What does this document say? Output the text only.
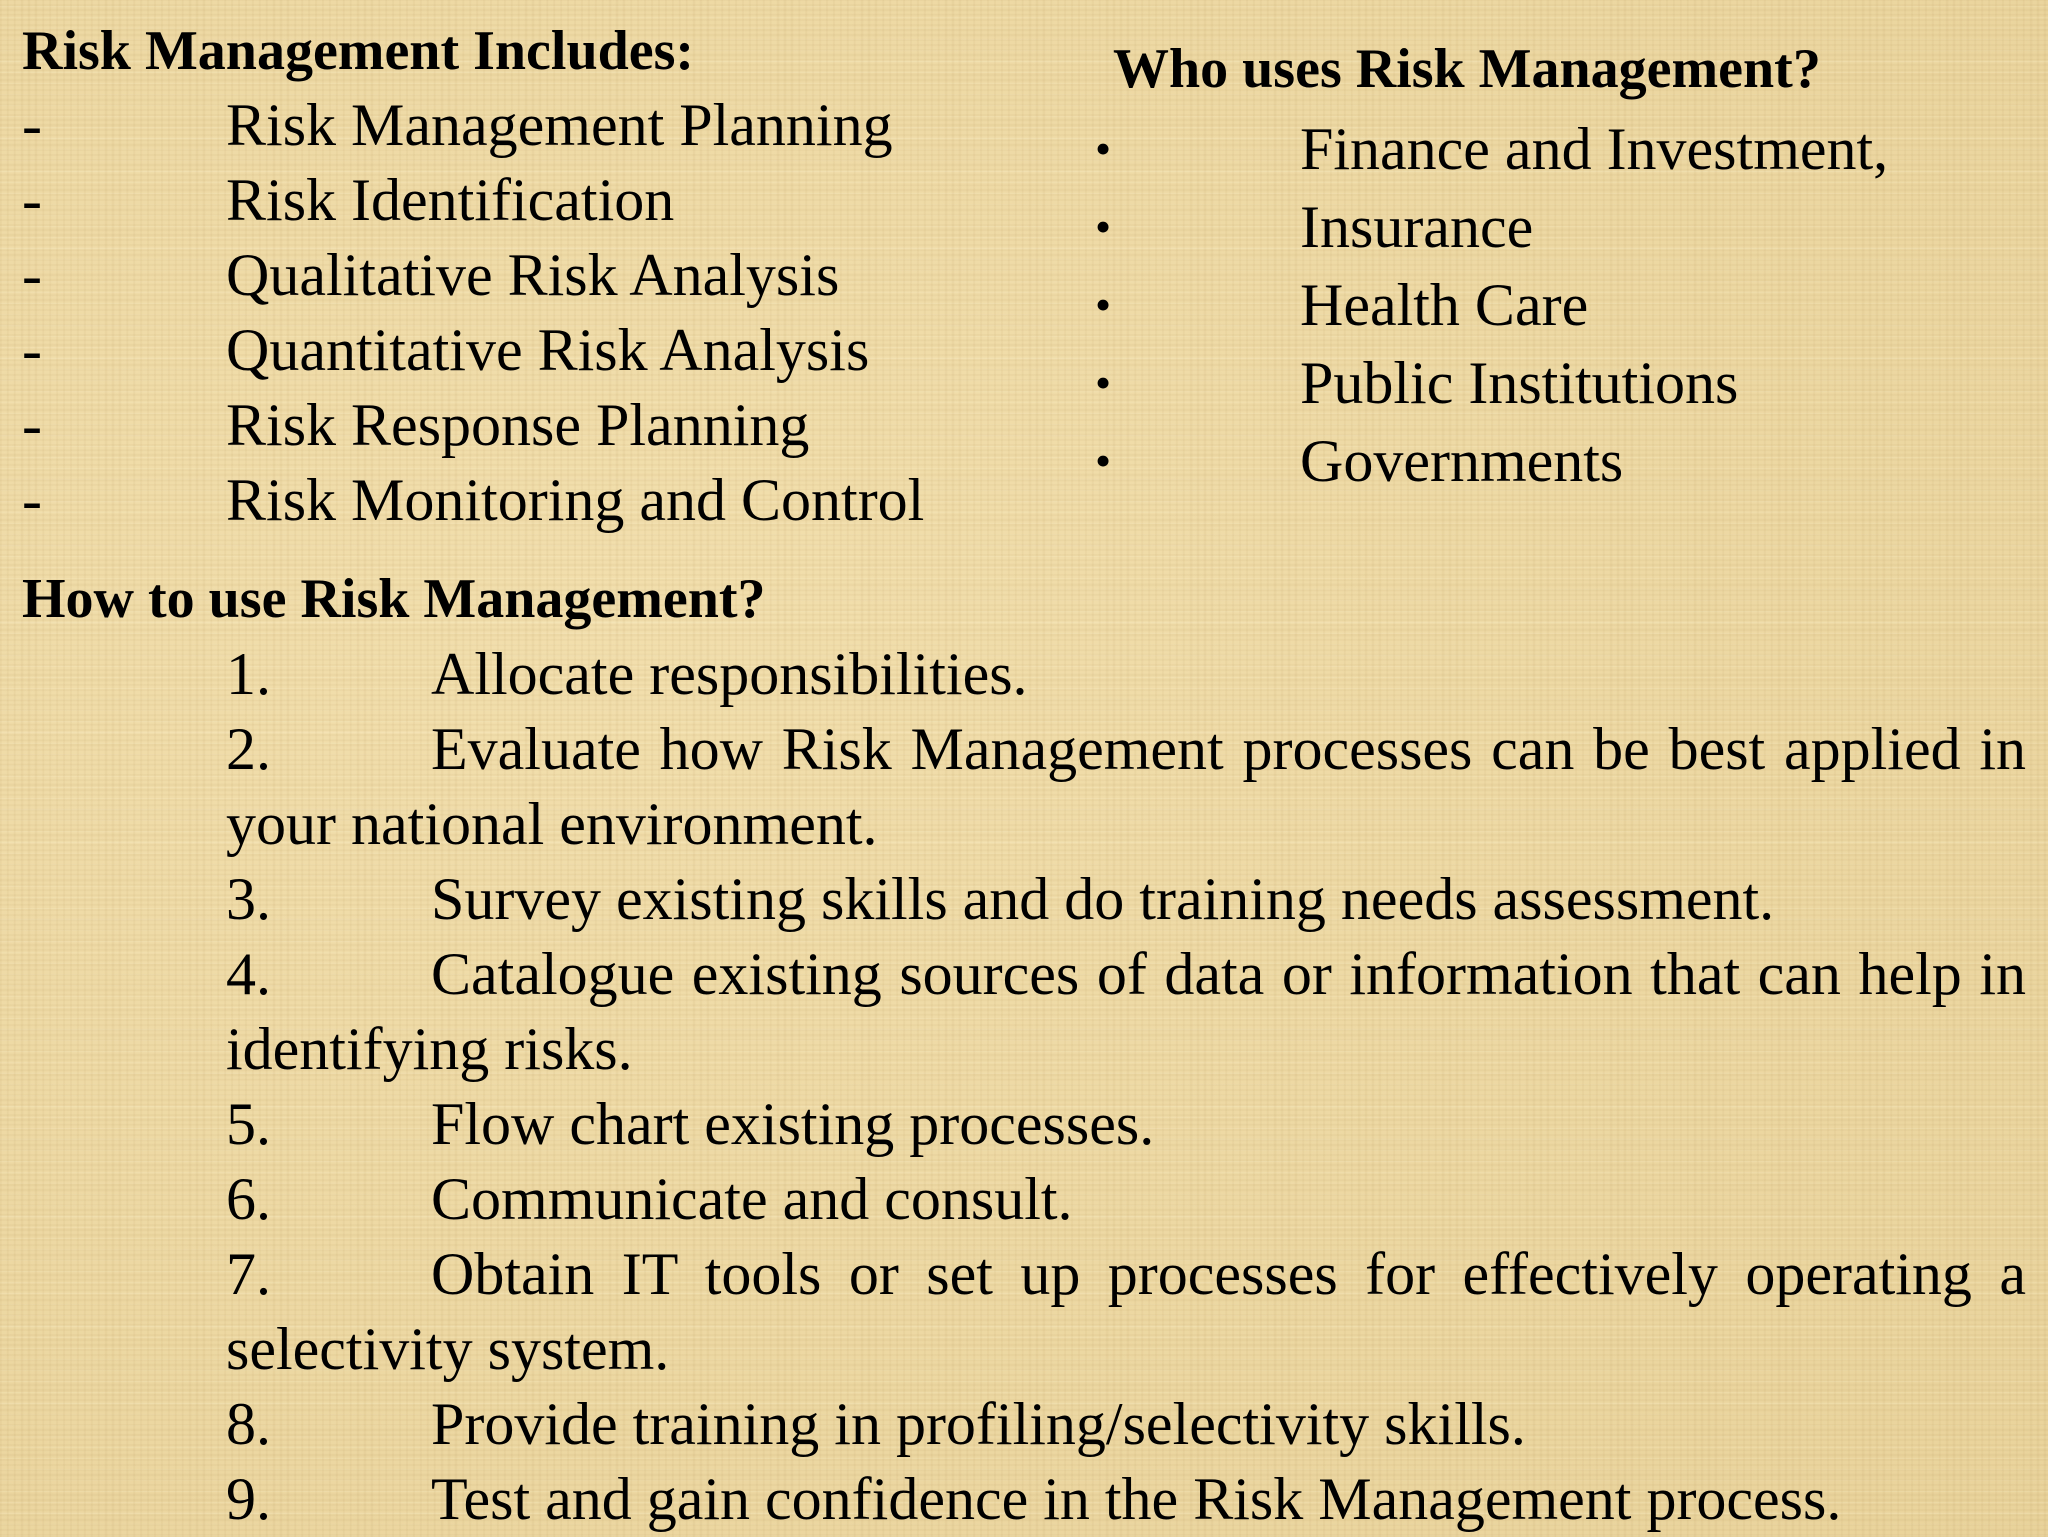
Risk Management Includes:
-	Risk Management Planning
-	Risk Identification
-	Qualitative Risk Analysis
-	Quantitative Risk Analysis
-	Risk Response Planning
-	Risk Monitoring and Control
Who uses Risk Management?
•	Finance and Investment,
•	Insurance
•	Health Care
•	Public Institutions
•	Governments
How to use Risk Management?
1.	Allocate responsibilities.
2.	Evaluate how Risk Management processes can be best applied in your national environment.
3.	Survey existing skills and do training needs assessment.
4.	Catalogue existing sources of data or information that can help in identifying risks.
5.	Flow chart existing processes.
6.	Communicate and consult.
7.	Obtain IT tools or set up processes for effectively operating a selectivity system.
8.	Provide training in profiling/selectivity skills.
9.	Test and gain confidence in the Risk Management process.
